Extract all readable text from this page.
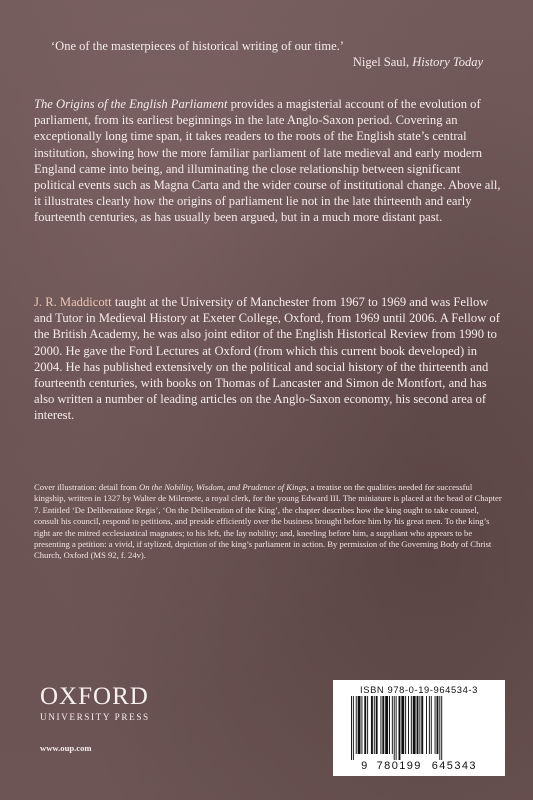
‘One of the masterpieces of historical writing of our time.’
Nigel Saul, History Today
The Origins of the English Parliament provides a magisterial account of the evolution of parliament, from its earliest beginnings in the late Anglo-Saxon period. Covering an exceptionally long time span, it takes readers to the roots of the English state’s central institution, showing how the more familiar parliament of late medieval and early modern England came into being, and illuminating the close relationship between significant political events such as Magna Carta and the wider course of institutional change. Above all, it illustrates clearly how the origins of parliament lie not in the late thirteenth and early fourteenth centuries, as has usually been argued, but in a much more distant past.
J. R. Maddicott taught at the University of Manchester from 1967 to 1969 and was Fellow and Tutor in Medieval History at Exeter College, Oxford, from 1969 until 2006. A Fellow of the British Academy, he was also joint editor of the English Historical Review from 1990 to 2000. He gave the Ford Lectures at Oxford (from which this current book developed) in 2004. He has published extensively on the political and social history of the thirteenth and fourteenth centuries, with books on Thomas of Lancaster and Simon de Montfort, and has also written a number of leading articles on the Anglo-Saxon economy, his second area of interest.
Cover illustration: detail from On the Nobility, Wisdom, and Prudence of Kings, a treatise on the qualities needed for successful kingship, written in 1327 by Walter de Milemete, a royal clerk, for the young Edward III. The miniature is placed at the head of Chapter 7. Entitled ‘De Deliberatione Regis’, ‘On the Deliberation of the King’, the chapter describes how the king ought to take counsel, consult his council, respond to petitions, and preside efficiently over the business brought before him by his great men. To the king’s right are the mitred ecclesiastical magnates; to his left, the lay nobility; and, kneeling before him, a suppliant who appears to be presenting a petition: a vivid, if stylized, depiction of the king’s parliament in action. By permission of the Governing Body of Christ Church, Oxford (MS 92, f. 24v).
OXFORD
UNIVERSITY PRESS
www.oup.com
ISBN 978-0-19-964534-3
9 780199 645343
